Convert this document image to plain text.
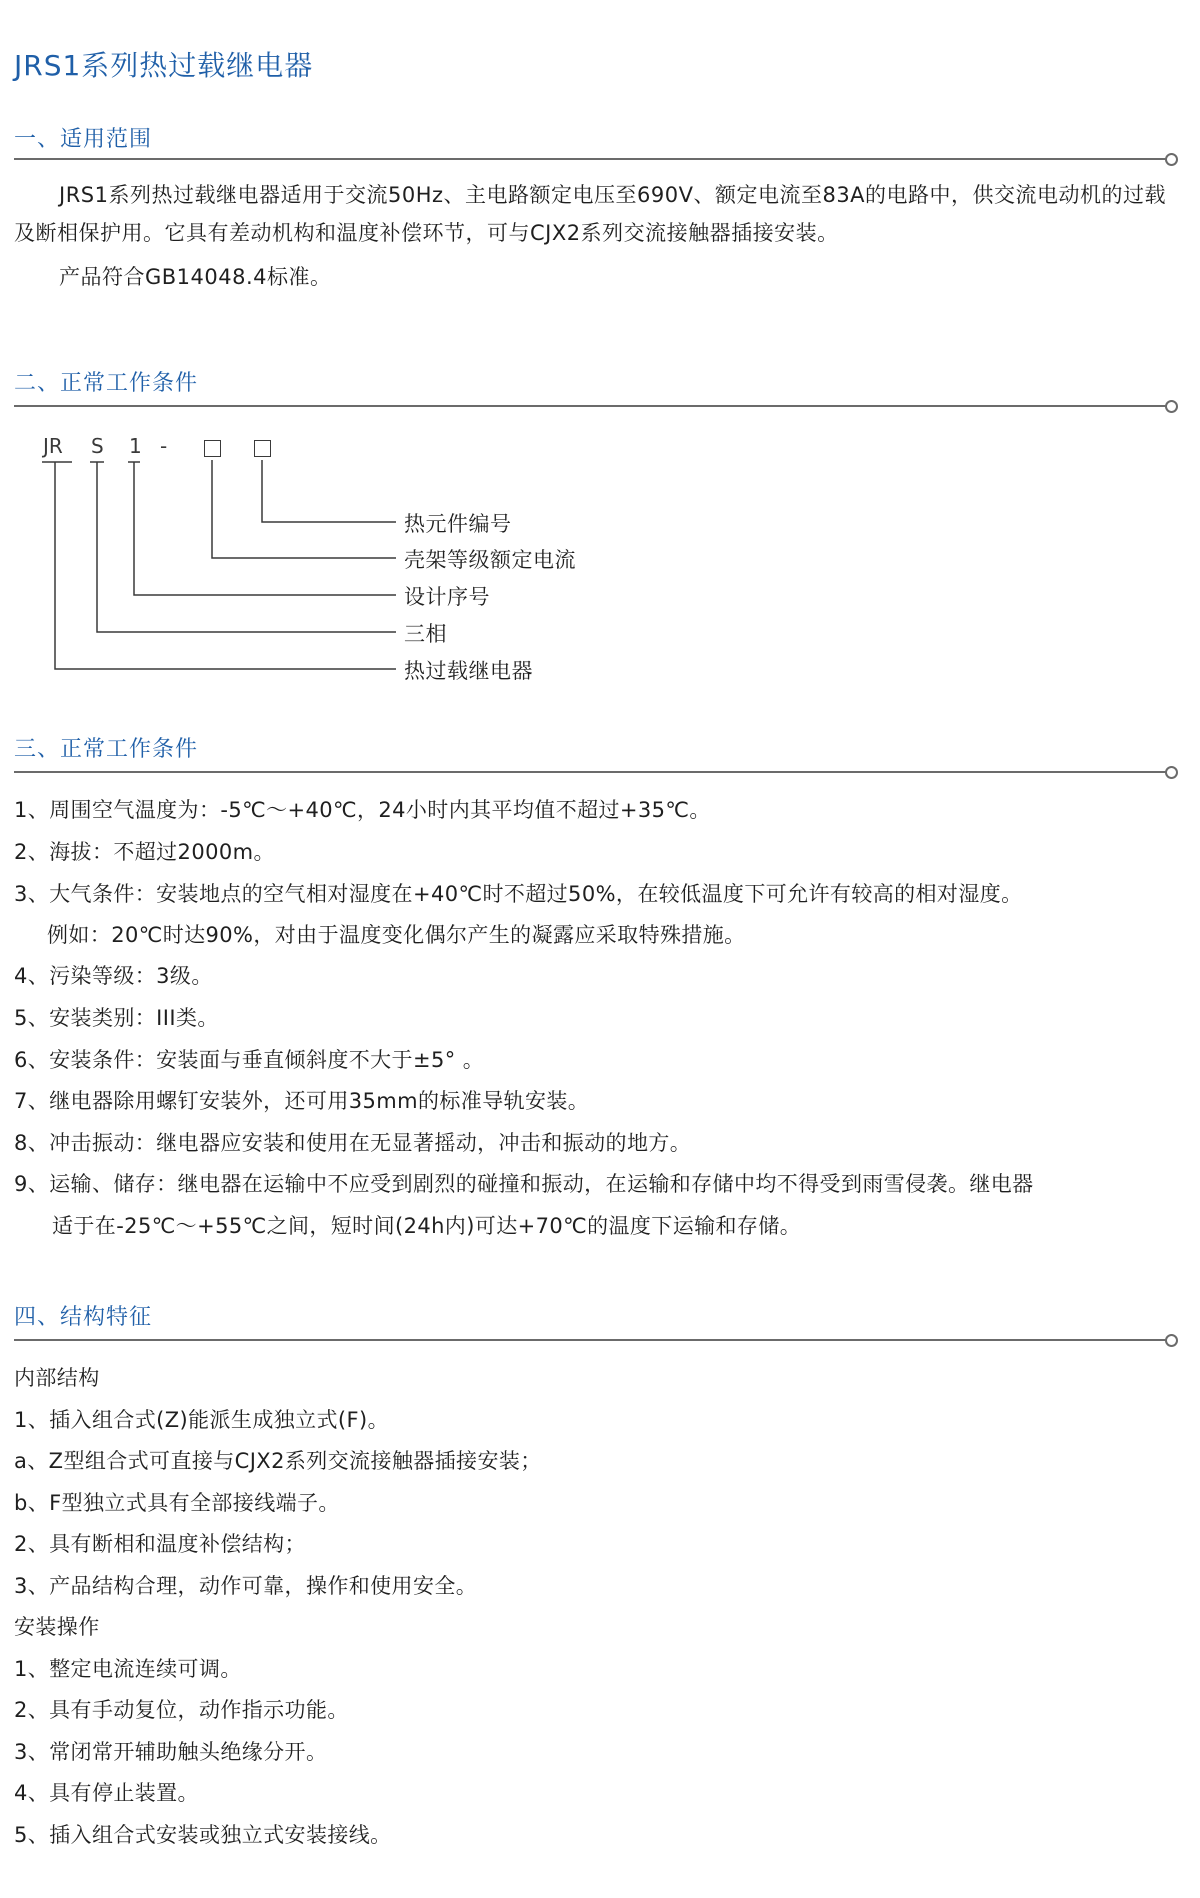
JRS1系列热过载继电器
一、适用范围
JRS1系列热过载继电器适用于交流50Hz、主电路额定电压至690V、额定电流至83A的电路中，供交流电动机的过载及断相保护用。它具有差动机构和温度补偿环节，可与CJX2系列交流接触器插接安装。
产品符合GB14048.4标准。
二、正常工作条件
JR S 1 -
热元件编号
壳架等级额定电流
设计序号
三相
热过载继电器
三、正常工作条件
1、周围空气温度为：-5℃～+40℃，24小时内其平均值不超过+35℃。
2、海拔：不超过2000m。
3、大气条件：安装地点的空气相对湿度在+40℃时不超过50%，在较低温度下可允许有较高的相对湿度。
例如：20℃时达90%，对由于温度变化偶尔产生的凝露应采取特殊措施。
4、污染等级：3级。
5、安装类别：III类。
6、安装条件：安装面与垂直倾斜度不大于±5° 。
7、继电器除用螺钉安装外，还可用35mm的标准导轨安装。
8、冲击振动：继电器应安装和使用在无显著摇动，冲击和振动的地方。
9、运输、储存：继电器在运输中不应受到剧烈的碰撞和振动，在运输和存储中均不得受到雨雪侵袭。继电器
适于在-25℃～+55℃之间，短时间(24h内)可达+70℃的温度下运输和存储。
四、结构特征
内部结构
1、插入组合式(Z)能派生成独立式(F)。
a、Z型组合式可直接与CJX2系列交流接触器插接安装；
b、F型独立式具有全部接线端子。
2、具有断相和温度补偿结构；
3、产品结构合理，动作可靠，操作和使用安全。
安装操作
1、整定电流连续可调。
2、具有手动复位，动作指示功能。
3、常闭常开辅助触头绝缘分开。
4、具有停止装置。
5、插入组合式安装或独立式安装接线。
